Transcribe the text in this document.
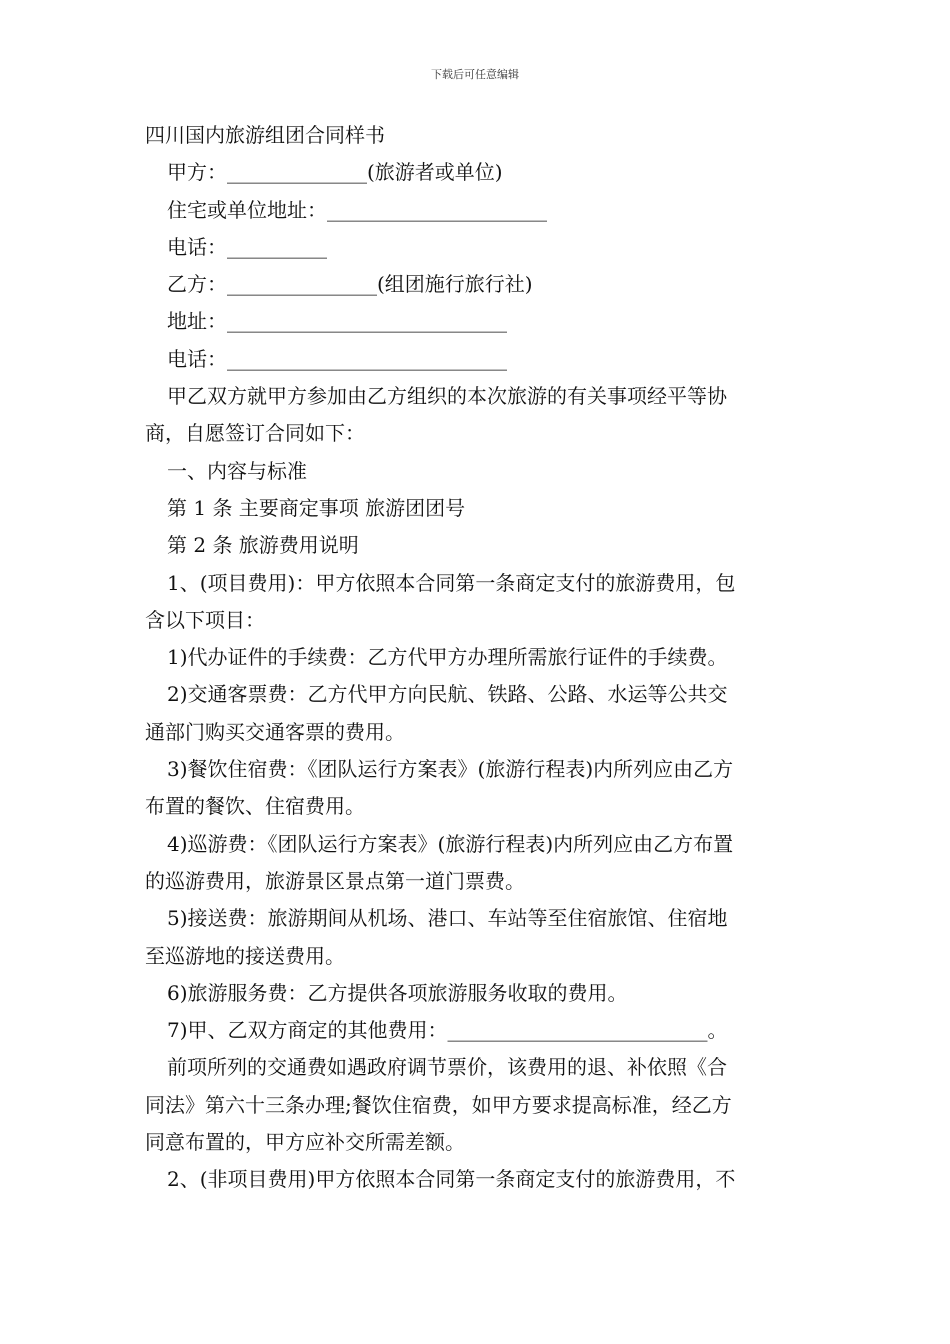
下载后可任意编辑
四川国内旅游组团合同样书
甲方：______________(旅游者或单位)
住宅或单位地址：______________________
电话：__________
乙方：_______________(组团施行旅行社)
地址：____________________________
电话：____________________________
甲乙双方就甲方参加由乙方组织的本次旅游的有关事项经平等协
商，自愿签订合同如下：
一、内容与标准
第 1 条 主要商定事项 旅游团团号
第 2 条 旅游费用说明
1、(项目费用)：甲方依照本合同第一条商定支付的旅游费用，包
含以下项目：
1)代办证件的手续费：乙方代甲方办理所需旅行证件的手续费。
2)交通客票费：乙方代甲方向民航、铁路、公路、水运等公共交
通部门购买交通客票的费用。
3)餐饮住宿费：《团队运行方案表》(旅游行程表)内所列应由乙方
布置的餐饮、住宿费用。
4)巡游费：《团队运行方案表》(旅游行程表)内所列应由乙方布置
的巡游费用，旅游景区景点第一道门票费。
5)接送费：旅游期间从机场、港口、车站等至住宿旅馆、住宿地
至巡游地的接送费用。
6)旅游服务费：乙方提供各项旅游服务收取的费用。
7)甲、乙双方商定的其他费用：__________________________。
前项所列的交通费如遇政府调节票价，该费用的退、补依照《合
同法》第六十三条办理;餐饮住宿费，如甲方要求提高标准，经乙方
同意布置的，甲方应补交所需差额。
2、(非项目费用)甲方依照本合同第一条商定支付的旅游费用，不
